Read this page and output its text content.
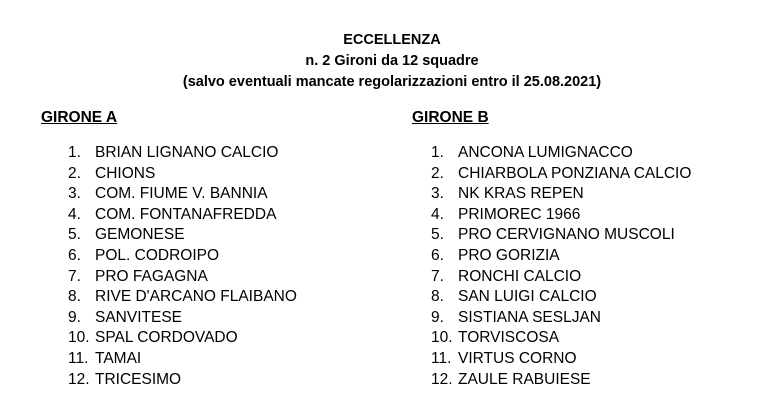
ECCELLENZA
n. 2 Gironi da 12 squadre
(salvo eventuali mancate regolarizzazioni entro il 25.08.2021)
GIRONE A
1. BRIAN LIGNANO CALCIO
2. CHIONS
3. COM. FIUME V. BANNIA
4. COM. FONTANAFREDDA
5. GEMONESE
6. POL. CODROIPO
7. PRO FAGAGNA
8. RIVE D'ARCANO FLAIBANO
9. SANVITESE
10. SPAL CORDOVADO
11. TAMAI
12. TRICESIMO
GIRONE B
1. ANCONA LUMIGNACCO
2. CHIARBOLA PONZIANA CALCIO
3. NK KRAS REPEN
4. PRIMOREC 1966
5. PRO CERVIGNANO MUSCOLI
6. PRO GORIZIA
7. RONCHI CALCIO
8. SAN LUIGI CALCIO
9. SISTIANA SESLJAN
10. TORVISCOSA
11. VIRTUS CORNO
12. ZAULE RABUIESE
